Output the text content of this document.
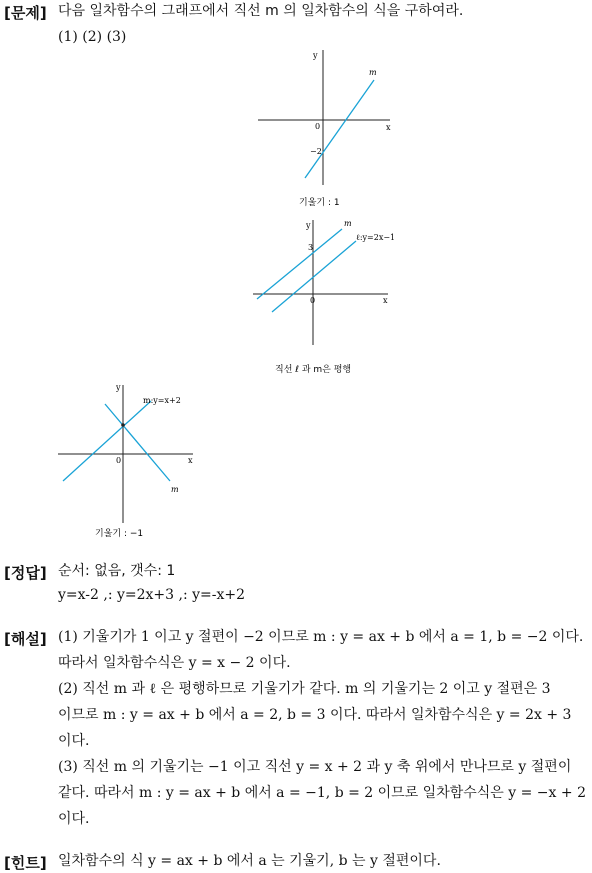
[문제] 다음 일차함수의 그래프에서 직선 m 의 일차함수의 식을 구하여라.
(1) (2) (3)
y
x
0
m
−2
기울기 : 1
y
x
0
3
m
ℓ:y=2x−1
직선 ℓ 과 m은 평행
y
x
0
m
m:y=x+2
기울기 : −1
[정답] 순서: 없음, 갯수: 1
y=x-2 ,: y=2x+3 ,: y=-x+2
[해설] (1) 기울기가 1 이고 y 절편이 −2 이므로 m : y = ax + b 에서 a = 1, b = −2 이다.
따라서 일차함수식은 y = x − 2 이다.
(2) 직선 m 과 ℓ 은 평행하므로 기울기가 같다. m 의 기울기는 2 이고 y 절편은 3
이므로 m : y = ax + b 에서 a = 2, b = 3 이다. 따라서 일차함수식은 y = 2x + 3
이다.
(3) 직선 m 의 기울기는 −1 이고 직선 y = x + 2 과 y 축 위에서 만나므로 y 절편이
같다. 따라서 m : y = ax + b 에서 a = −1, b = 2 이므로 일차함수식은 y = −x + 2
이다.
[힌트] 일차함수의 식 y = ax + b 에서 a 는 기울기, b 는 y 절편이다.
